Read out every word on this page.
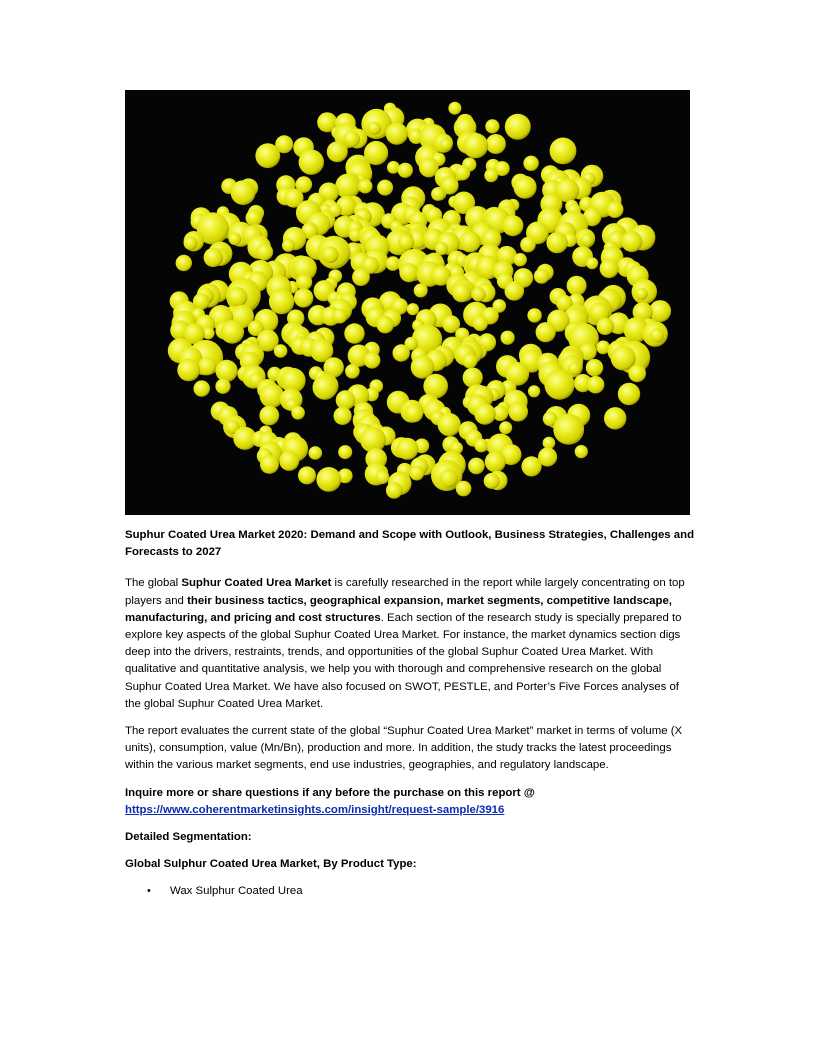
Suphur Coated Urea Market 2020: Demand and Scope with Outlook, Business Strategies, Challenges and Forecasts to 2027

The global Suphur Coated Urea Market is carefully researched in the report while largely concentrating on top players and their business tactics, geographical expansion, market segments, competitive landscape, manufacturing, and pricing and cost structures. Each section of the research study is specially prepared to explore key aspects of the global Suphur Coated Urea Market. For instance, the market dynamics section digs deep into the drivers, restraints, trends, and opportunities of the global Suphur Coated Urea Market. With qualitative and quantitative analysis, we help you with thorough and comprehensive research on the global Suphur Coated Urea Market. We have also focused on SWOT, PESTLE, and Porter’s Five Forces analyses of the global Suphur Coated Urea Market.

The report evaluates the current state of the global “Suphur Coated Urea Market” market in terms of volume (X units), consumption, value (Mn/Bn), production and more. In addition, the study tracks the latest proceedings within the various market segments, end use industries, geographies, and regulatory landscape.

Inquire more or share questions if any before the purchase on this report @
https://www.coherentmarketinsights.com/insight/request-sample/3916

Detailed Segmentation:
Global Sulphur Coated Urea Market, By Product Type:
• Wax Sulphur Coated Urea
